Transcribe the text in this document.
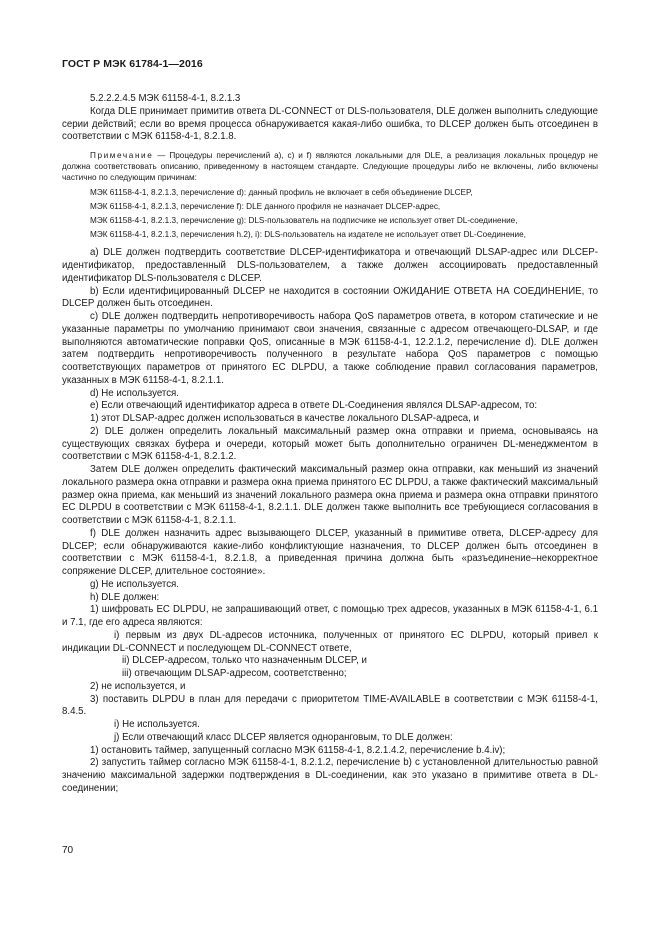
ГОСТ Р МЭК 61784-1—2016

5.2.2.2.4.5 МЭК 61158-4-1, 8.2.1.3

Когда DLE принимает примитив ответа DL-CONNECT от DLS-пользователя, DLE должен выполнить следующие серии действий; если во время процесса обнаруживается какая-либо ошибка, то DLCEP должен быть отсоединен в соответствии с МЭК 61158-4-1, 8.2.1.8.

Примечание — Процедуры перечислений а), с) и f) являются локальными для DLE, а реализация локальных процедур не должна соответствовать описанию, приведенному в настоящем стандарте. Следующие процедуры либо не включены, либо включены частично по следующим причинам:

МЭК 61158-4-1, 8.2.1.3, перечисление d): данный профиль не включает в себя объединение DLCEP,

МЭК 61158-4-1, 8.2.1.3, перечисление f): DLE данного профиля не назначает DLCEP-адрес,

МЭК 61158-4-1, 8.2.1.3, перечисление g): DLS-пользователь на подписчике не использует ответ DL-соединение,

МЭК 61158-4-1, 8.2.1.3, перечисления h.2), i): DLS-пользователь на издателе не использует ответ DL-Соединение,

а) DLE должен подтвердить соответствие DLCEP-идентификатора и отвечающий DLSAP-адрес или DLCEP-идентификатор, предоставленный DLS-пользователем, а также должен ассоциировать предоставленный идентификатор DLS-пользователя с DLCEP.

b) Если идентифицированный DLCEP не находится в состоянии ОЖИДАНИЕ ОТВЕТА НА СОЕДИНЕНИЕ, то DLCEP должен быть отсоединен.

с) DLE должен подтвердить непротиворечивость набора QoS параметров ответа, в котором статические и не указанные параметры по умолчанию принимают свои значения, связанные с адресом отвечающего-DLSAP, и где выполняются автоматические поправки QoS, описанные в МЭК 61158-4-1, 12.2.1.2, перечисление d). DLE должен затем подтвердить непротиворечивость полученного в результате набора QoS параметров с помощью соответствующих параметров от принятого EC DLPDU, а также соблюдение правил согласования параметров, указанных в МЭК 61158-4-1, 8.2.1.1.

d) Не используется.

е) Если отвечающий идентификатор адреса в ответе DL-Соединения являлся DLSAP-адресом, то:

1) этот DLSAP-адрес должен использоваться в качестве локального DLSAP-адреса, и

2) DLE должен определить локальный максимальный размер окна отправки и приема, основываясь на существующих связках буфера и очереди, который может быть дополнительно ограничен DL-менеджментом в соответствии с МЭК 61158-4-1, 8.2.1.2.

Затем DLE должен определить фактический максимальный размер окна отправки, как меньший из значений локального размера окна отправки и размера окна приема принятого EC DLPDU, а также фактический максимальный размер окна приема, как меньший из значений локального размера окна приема и размера окна отправки принятого EC DLPDU в соответствии с МЭК 61158-4-1, 8.2.1.1. DLE должен также выполнить все требующиеся согласования в соответствии с МЭК 61158-4-1, 8.2.1.1.

f) DLE должен назначить адрес вызывающего DLCEP, указанный в примитиве ответа, DLCEP-адресу для DLCEP; если обнаруживаются какие-либо конфликтующие назначения, то DLCEP должен быть отсоединен в соответствии с МЭК 61158-4-1, 8.2.1.8, а приведенная причина должна быть «разъединение–некорректное сопряжение DLCEP, длительное состояние».

g) Не используется.

h) DLE должен:

1) шифровать EC DLPDU, не запрашивающий ответ, с помощью трех адресов, указанных в МЭК 61158-4-1, 6.1 и 7.1, где его адреса являются:

i) первым из двух DL-адресов источника, полученных от принятого EC DLPDU, который привел к индикации DL-CONNECT и последующем DL-CONNECT ответе,

ii) DLCEP-адресом, только что назначенным DLCEP, и

iii) отвечающим DLSAP-адресом, соответственно;

2) не используется, и

3) поставить DLPDU в план для передачи с приоритетом TIME-AVAILABLE в соответствии с МЭК 61158-4-1, 8.4.5.

i) Не используется.

j) Если отвечающий класс DLCEP является одноранговым, то DLE должен:

1) остановить таймер, запущенный согласно МЭК 61158-4-1, 8.2.1.4.2, перечисление b.4.iv);

2) запустить таймер согласно МЭК 61158-4-1, 8.2.1.2, перечисление b) с установленной длительностью равной значению максимальной задержки подтверждения в DL-соединении, как это указано в примитиве ответа в DL-соединении;

70
